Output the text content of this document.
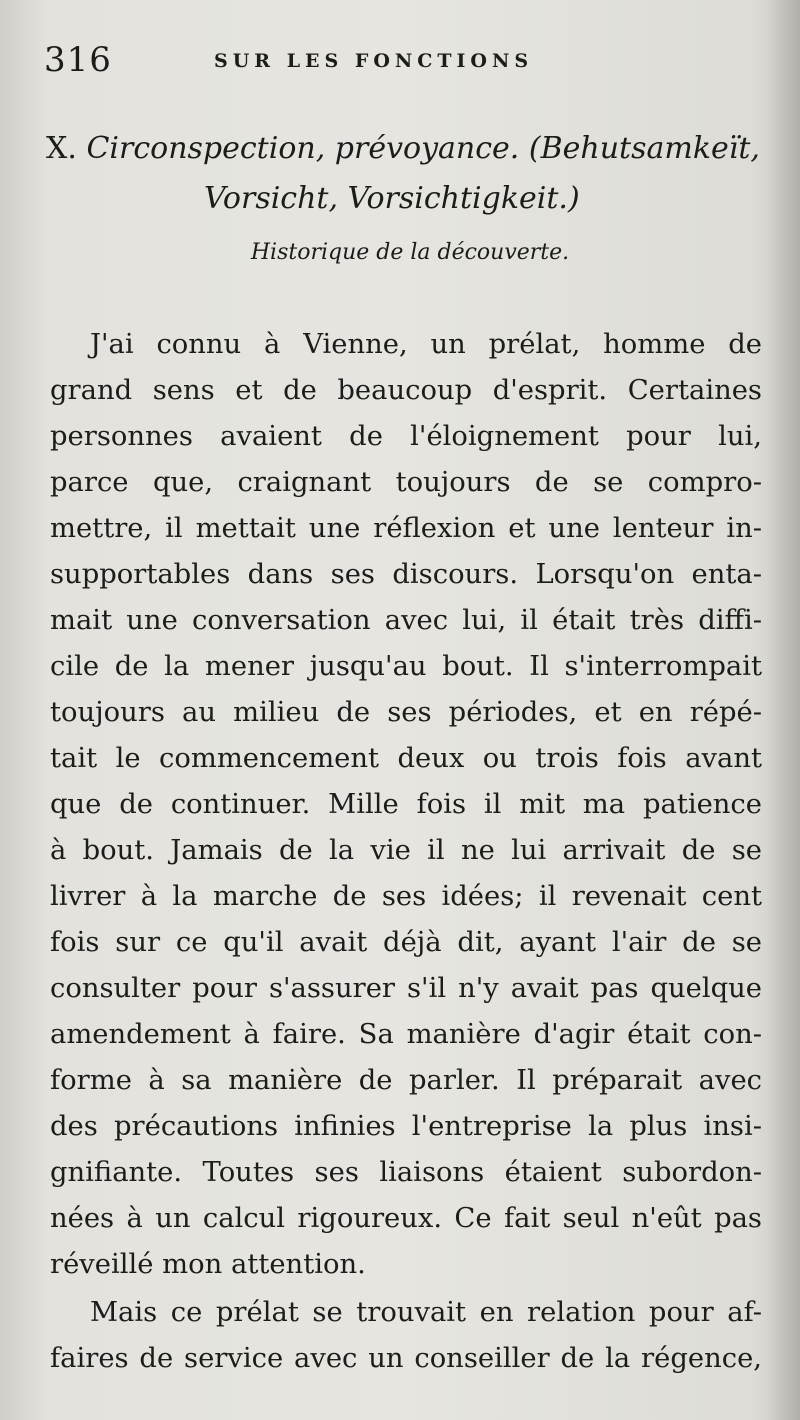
316	SUR LES FONCTIONS
X. Circonspection, prévoyance. (Behutsamkeït,
Vorsicht, Vorsichtigkeit.)
Historique de la découverte.
J'ai connu à Vienne, un prélat, homme de
grand sens et de beaucoup d'esprit. Certaines
personnes avaient de l'éloignement pour lui,
parce que, craignant toujours de se compro-
mettre, il mettait une réflexion et une lenteur in-
supportables dans ses discours. Lorsqu'on enta-
mait une conversation avec lui, il était très diffi-
cile de la mener jusqu'au bout. Il s'interrompait
toujours au milieu de ses périodes, et en répé-
tait le commencement deux ou trois fois avant
que de continuer. Mille fois il mit ma patience
à bout. Jamais de la vie il ne lui arrivait de se
livrer à la marche de ses idées; il revenait cent
fois sur ce qu'il avait déjà dit, ayant l'air de se
consulter pour s'assurer s'il n'y avait pas quelque
amendement à faire. Sa manière d'agir était con-
forme à sa manière de parler. Il préparait avec
des précautions infinies l'entreprise la plus insi-
gnifiante. Toutes ses liaisons étaient subordon-
nées à un calcul rigoureux. Ce fait seul n'eût pas
réveillé mon attention.
Mais ce prélat se trouvait en relation pour af-
faires de service avec un conseiller de la régence,
